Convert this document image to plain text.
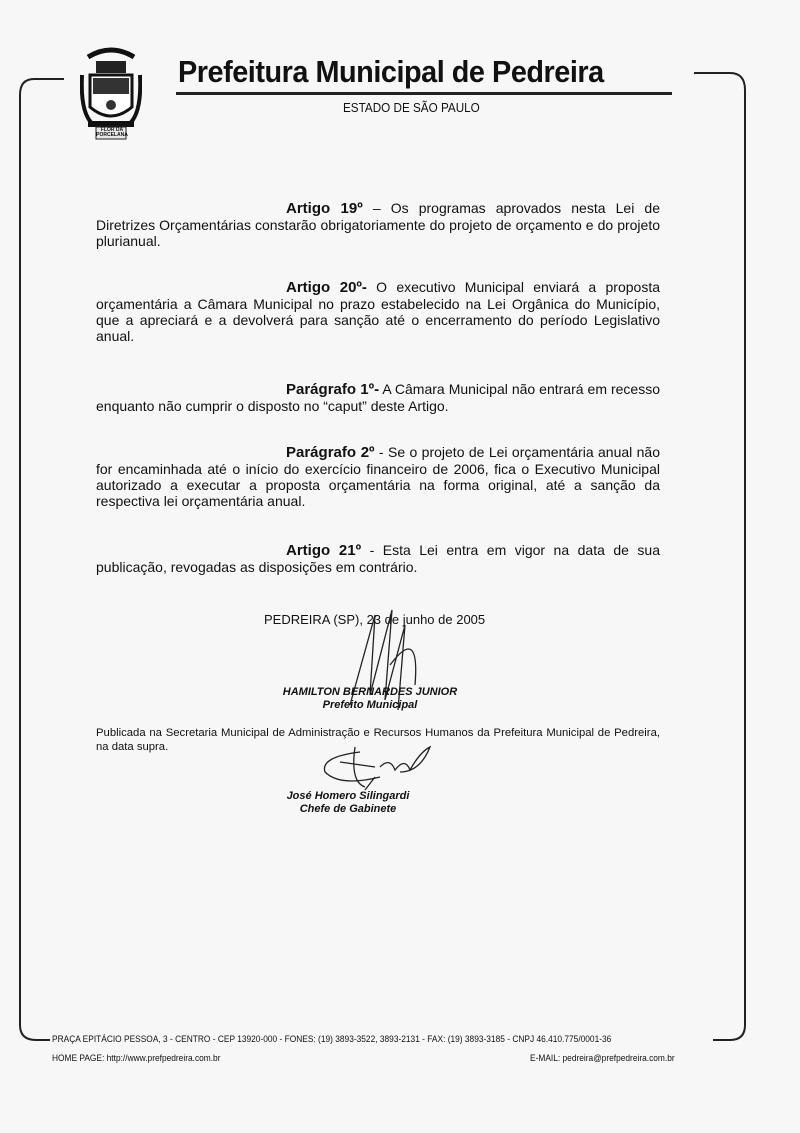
FLOR DA PORCELANA
Prefeitura Municipal de Pedreira
ESTADO DE SÃO PAULO

Artigo 19º – Os programas aprovados nesta Lei de Diretrizes Orçamentárias constarão obrigatoriamente do projeto de orçamento e do projeto plurianual.

Artigo 20º- O executivo Municipal enviará a proposta orçamentária a Câmara Municipal no prazo estabelecido na Lei Orgânica do Município, que a apreciará e a devolverá para sanção até o encerramento do período Legislativo anual.

Parágrafo 1º- A Câmara Municipal não entrará em recesso enquanto não cumprir o disposto no “caput” deste Artigo.

Parágrafo 2º - Se o projeto de Lei orçamentária anual não for encaminhada até o início do exercício financeiro de 2006, fica o Executivo Municipal autorizado a executar a proposta orçamentária na forma original, até a sanção da respectiva lei orçamentária anual.

Artigo 21º - Esta Lei entra em vigor na data de sua publicação, revogadas as disposições em contrário.

PEDREIRA (SP), 23 de junho de 2005
HAMILTON BERNARDES JUNIOR
Prefeito Municipal
Publicada na Secretaria Municipal de Administração e Recursos Humanos da Prefeitura Municipal de Pedreira, na data supra.
José Homero Silingardi
Chefe de Gabinete
PRAÇA EPITÁCIO PESSOA, 3 - CENTRO - CEP 13920-000 - FONES: (19) 3893-3522, 3893-2131 - FAX: (19) 3893-3185 - CNPJ 46.410.775/0001-36
HOME PAGE: http://www.prefpedreira.com.br	E-MAIL: pedreira@prefpedreira.com.br
